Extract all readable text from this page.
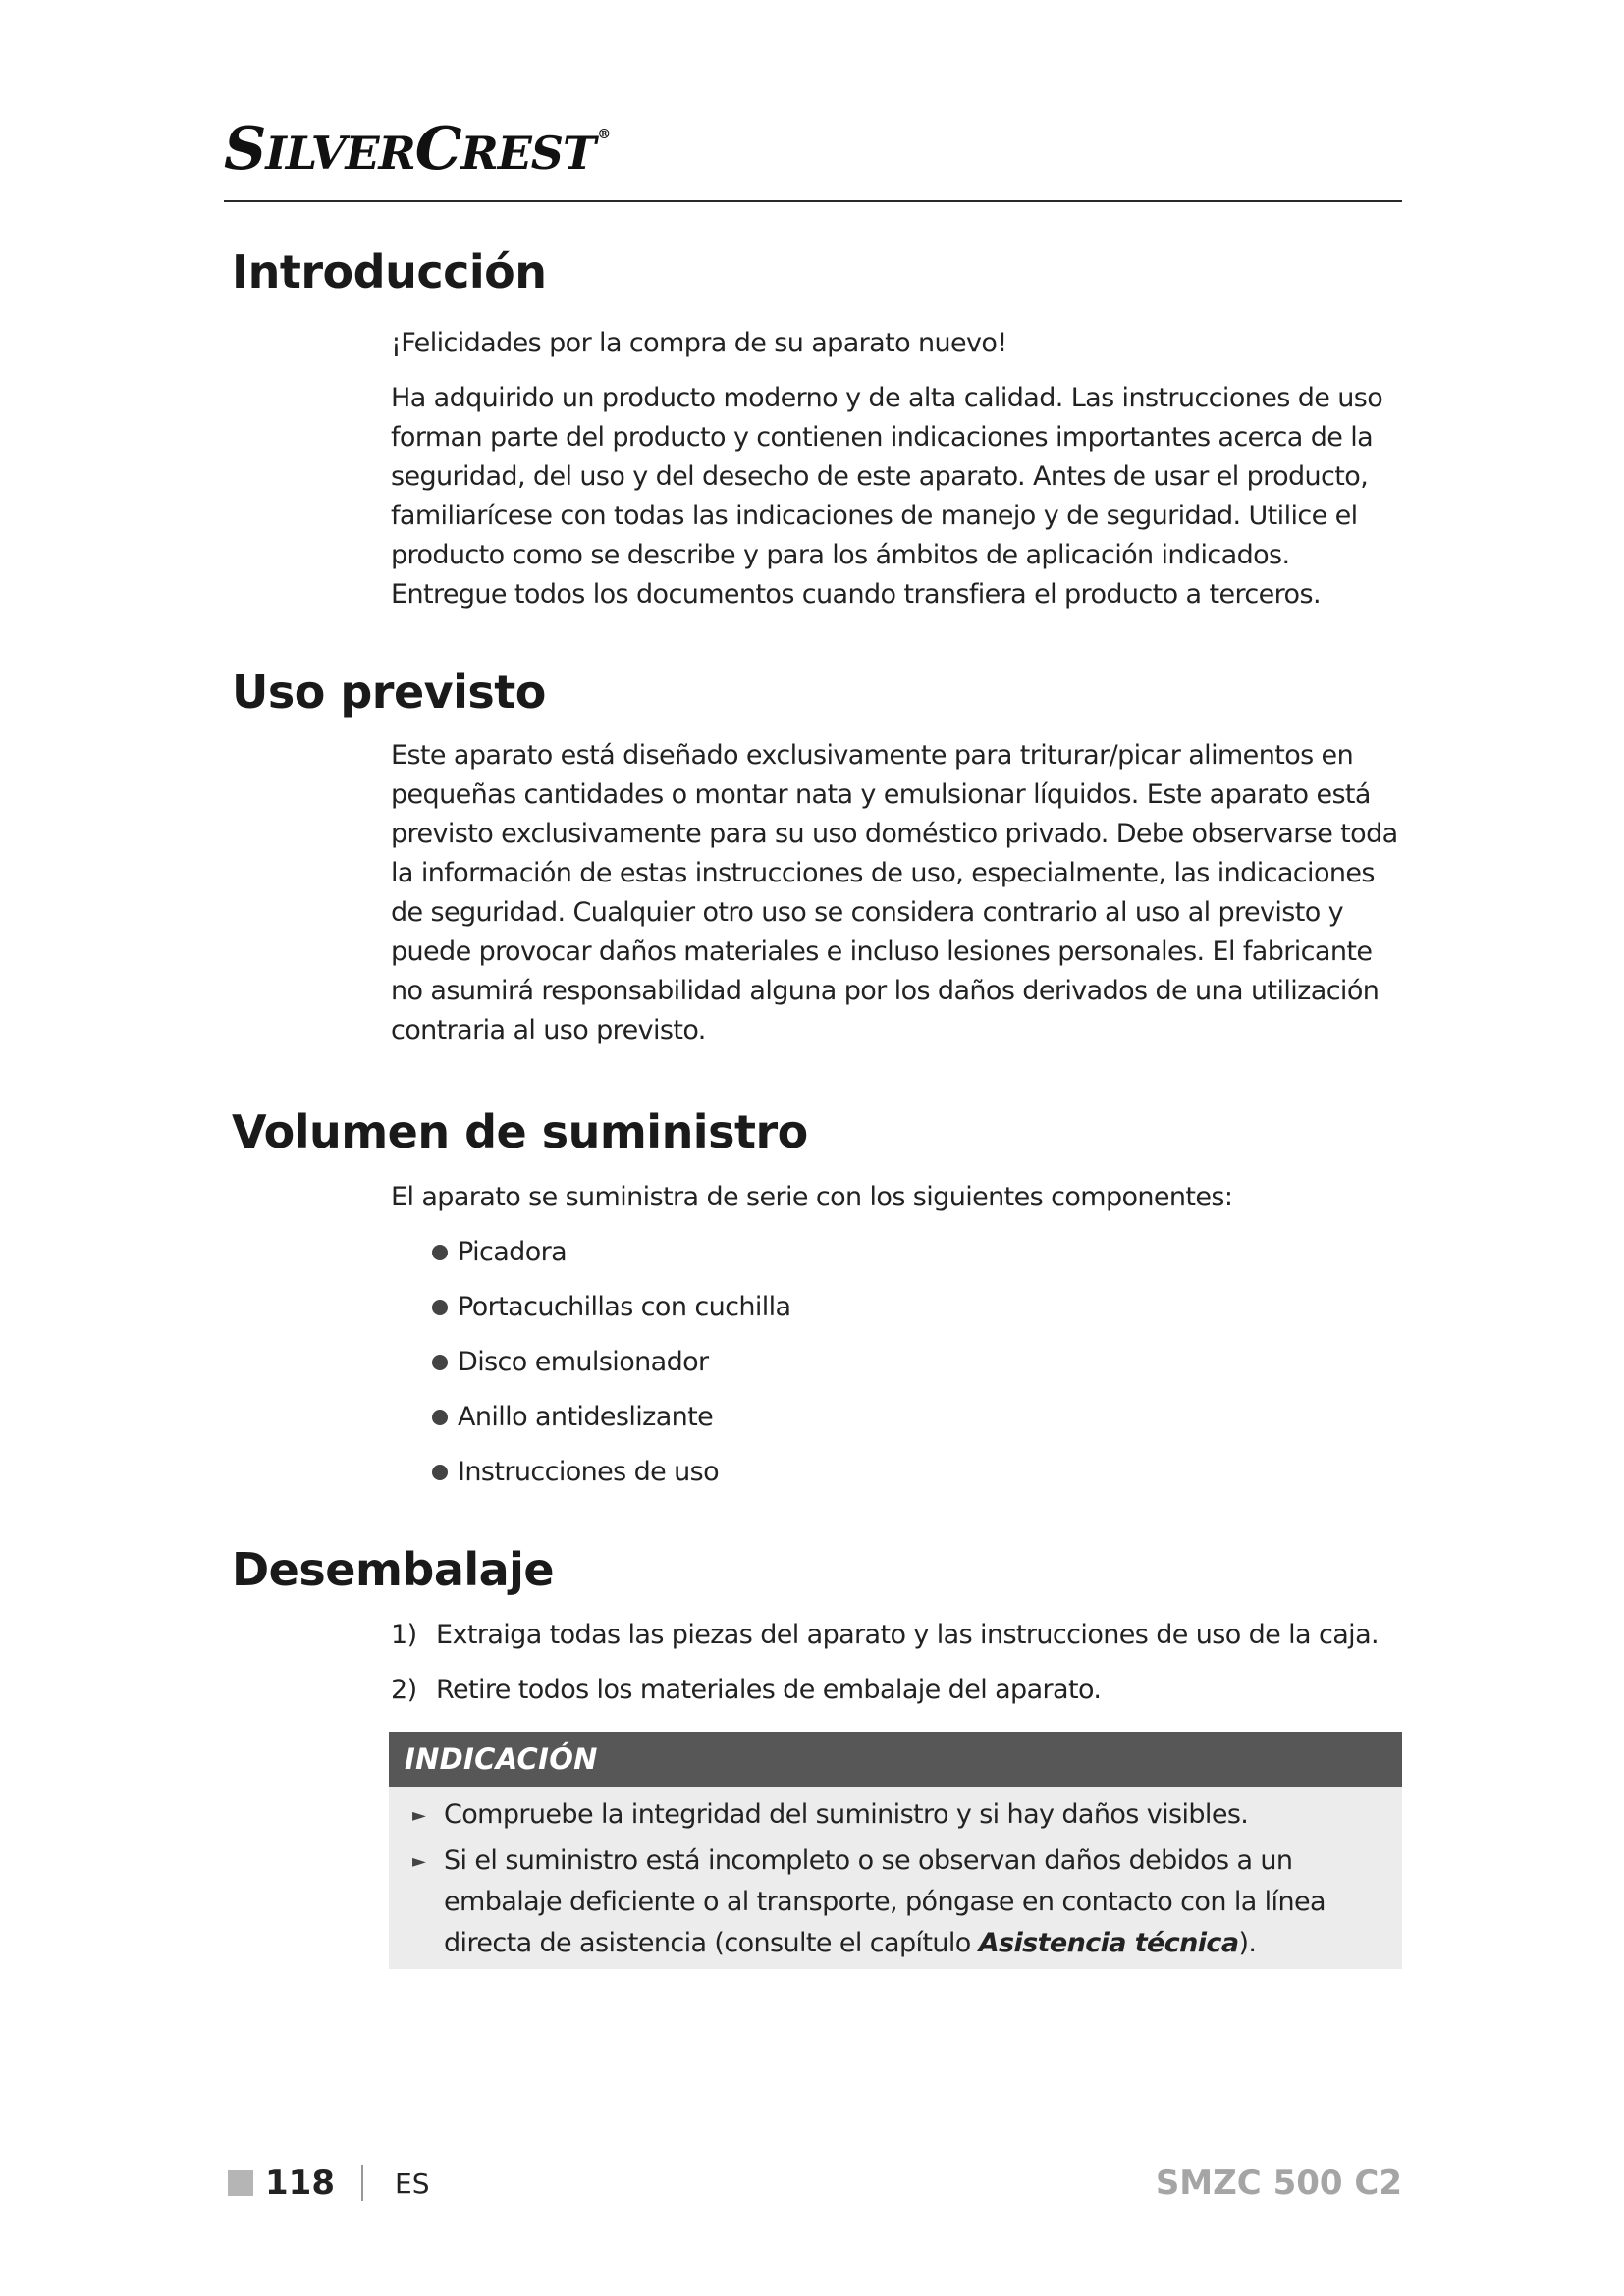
SILVERCREST ®
Introducción

¡Felicidades por la compra de su aparato nuevo!

Ha adquirido un producto moderno y de alta calidad. Las instrucciones de uso forman parte del producto y contienen indicaciones importantes acerca de la seguridad, del uso y del desecho de este aparato. Antes de usar el producto, familiarícese con todas las indicaciones de manejo y de seguridad. Utilice el producto como se describe y para los ámbitos de aplicación indicados. Entregue todos los documentos cuando transfiera el producto a terceros.

Uso previsto

Este aparato está diseñado exclusivamente para triturar/picar alimentos en pequeñas cantidades o montar nata y emulsionar líquidos. Este aparato está previsto exclusivamente para su uso doméstico privado. Debe observarse toda la información de estas instrucciones de uso, especialmente, las indicaciones de seguridad. Cualquier otro uso se considera contrario al uso al previsto y puede provocar daños materiales e incluso lesiones personales. El fabricante no asumirá responsabilidad alguna por los daños derivados de una utilización contraria al uso previsto.

Volumen de suministro

El aparato se suministra de serie con los siguientes componentes:

Picadora
Portacuchillas con cuchilla
Disco emulsionador
Anillo antideslizante
Instrucciones de uso
Desembalaje
1) Extraiga todas las piezas del aparato y las instrucciones de uso de la caja.
2) Retire todos los materiales de embalaje del aparato.
INDICACIÓN
► Compruebe la integridad del suministro y si hay daños visibles.
► Si el suministro está incompleto o se observan daños debidos a un embalaje deficiente o al transporte, póngase en contacto con la línea directa de asistencia (consulte el capítulo Asistencia técnica).
118 ES	SMZC 500 C2
